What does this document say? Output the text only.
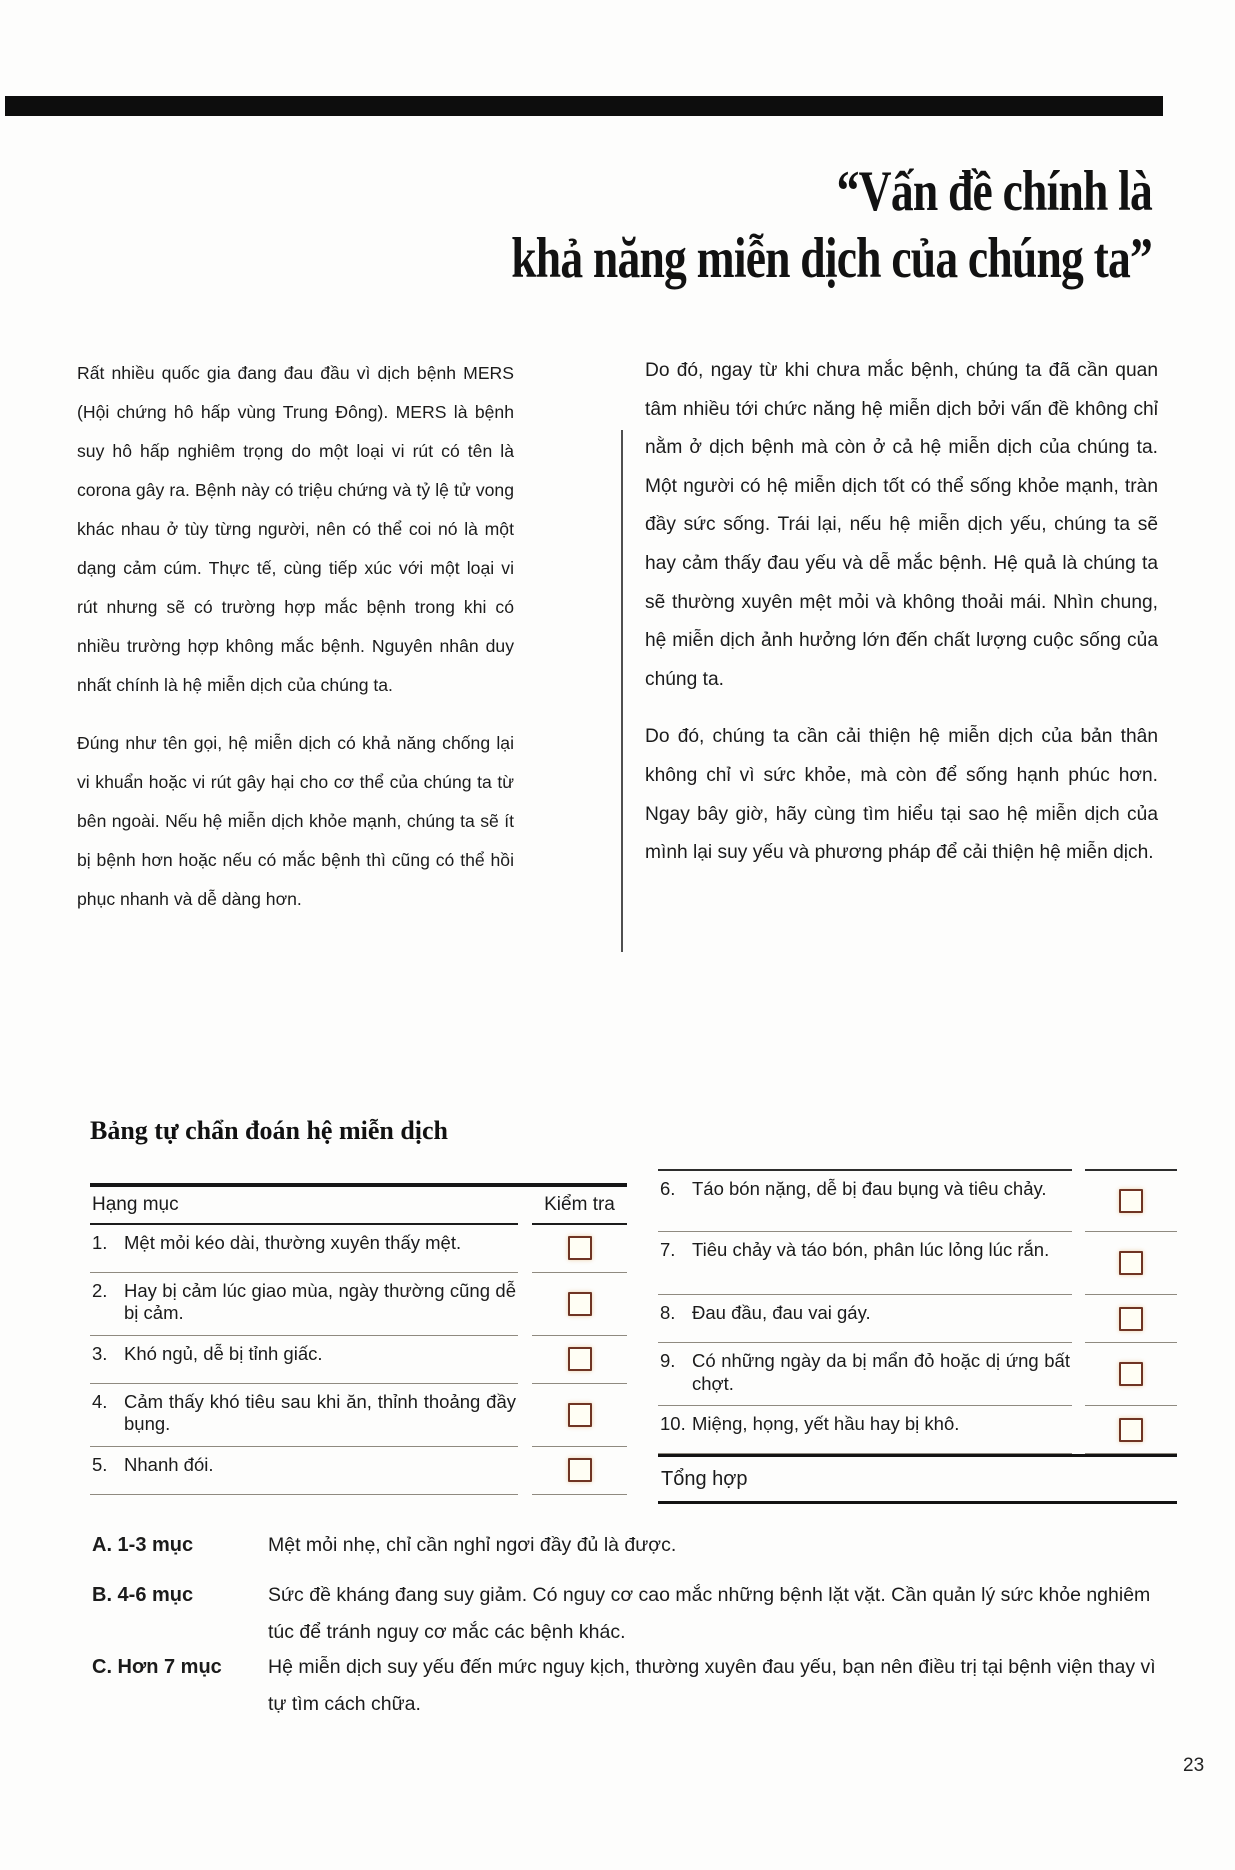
“Vấn đề chính là
khả năng miễn dịch của chúng ta”

Rất nhiều quốc gia đang đau đầu vì dịch bệnh MERS (Hội chứng hô hấp vùng Trung Đông). MERS là bệnh suy hô hấp nghiêm trọng do một loại vi rút có tên là corona gây ra. Bệnh này có triệu chứng và tỷ lệ tử vong khác nhau ở tùy từng người, nên có thể coi nó là một dạng cảm cúm. Thực tế, cùng tiếp xúc với một loại vi rút nhưng sẽ có trường hợp mắc bệnh trong khi có nhiều trường hợp không mắc bệnh. Nguyên nhân duy nhất chính là hệ miễn dịch của chúng ta.

Đúng như tên gọi, hệ miễn dịch có khả năng chống lại vi khuẩn hoặc vi rút gây hại cho cơ thể của chúng ta từ bên ngoài. Nếu hệ miễn dịch khỏe mạnh, chúng ta sẽ ít bị bệnh hơn hoặc nếu có mắc bệnh thì cũng có thể hồi phục nhanh và dễ dàng hơn.

Do đó, ngay từ khi chưa mắc bệnh, chúng ta đã cần quan tâm nhiều tới chức năng hệ miễn dịch bởi vấn đề không chỉ nằm ở dịch bệnh mà còn ở cả hệ miễn dịch của chúng ta. Một người có hệ miễn dịch tốt có thể sống khỏe mạnh, tràn đầy sức sống. Trái lại, nếu hệ miễn dịch yếu, chúng ta sẽ hay cảm thấy đau yếu và dễ mắc bệnh. Hệ quả là chúng ta sẽ thường xuyên mệt mỏi và không thoải mái. Nhìn chung, hệ miễn dịch ảnh hưởng lớn đến chất lượng cuộc sống của chúng ta.

Do đó, chúng ta cần cải thiện hệ miễn dịch của bản thân không chỉ vì sức khỏe, mà còn để sống hạnh phúc hơn. Ngay bây giờ, hãy cùng tìm hiểu tại sao hệ miễn dịch của mình lại suy yếu và phương pháp để cải thiện hệ miễn dịch.

Bảng tự chẩn đoán hệ miễn dịch
Hạng mục	Kiểm tra
1. Mệt mỏi kéo dài, thường xuyên thấy mệt.
2. Hay bị cảm lúc giao mùa, ngày thường cũng dễ bị cảm.
3. Khó ngủ, dễ bị tỉnh giấc.
4. Cảm thấy khó tiêu sau khi ăn, thỉnh thoảng đầy bụng.
5. Nhanh đói.
6. Táo bón nặng, dễ bị đau bụng và tiêu chảy.
7. Tiêu chảy và táo bón, phân lúc lỏng lúc rắn.
8. Đau đầu, đau vai gáy.
9. Có những ngày da bị mẩn đỏ hoặc dị ứng bất chợt.
10. Miệng, họng, yết hầu hay bị khô.
Tổng hợp
A. 1-3 mục	Mệt mỏi nhẹ, chỉ cần nghỉ ngơi đầy đủ là được.
B. 4-6 mục	Sức đề kháng đang suy giảm. Có nguy cơ cao mắc những bệnh lặt vặt. Cần quản lý sức khỏe nghiêm túc để tránh nguy cơ mắc các bệnh khác.
C. Hơn 7 mục	Hệ miễn dịch suy yếu đến mức nguy kịch, thường xuyên đau yếu, bạn nên điều trị tại bệnh viện thay vì tự tìm cách chữa.
23
